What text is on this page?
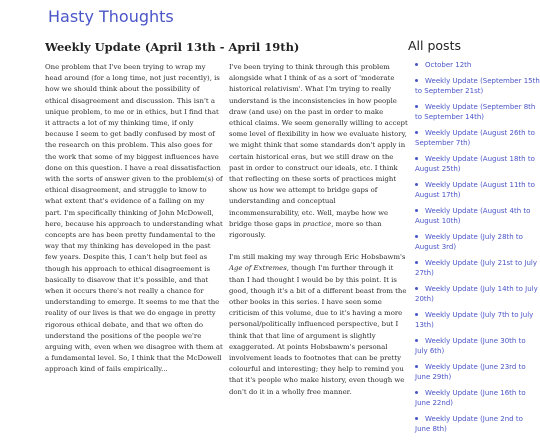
Hasty Thoughts
Weekly Update (April 13th - April 19th)

One problem that I've been trying to wrap my head around (for a long time, not just recently), is how we should think about the possibility of ethical disagreement and discussion. This isn't a unique problem, to me or in ethics, but I find that it attracts a lot of my thinking time, if only because I seem to get badly confused by most of the research on this problem. This also goes for the work that some of my biggest influences have done on this question. I have a real dissatisfaction with the sorts of answer given to the problem(s) of ethical disagreement, and struggle to know to what extent that's evidence of a failing on my part. I'm specifically thinking of John McDowell, here, because his approach to understanding what concepts are has been pretty fundamental to the way that my thinking has developed in the past few years. Despite this, I can't help but feel as though his approach to ethical disagreement is basically to disavow that it's possible, and that when it occurs there's not really a chance for understanding to emerge. It seems to me that the reality of our lives is that we do engage in pretty rigorous ethical debate, and that we often do understand the positions of the people we're arguing with, even when we disagree with them at a fundamental level. So, I think that the McDowell approach kind of fails empirically...

I've been trying to think through this problem alongside what I think of as a sort of 'moderate historical relativism'. What I'm trying to really understand is the inconsistencies in how people draw (and use) on the past in order to make ethical claims. We seem generally willing to accept some level of flexibility in how we evaluate history, we might think that some standards don't apply in certain historical eras, but we still draw on the past in order to construct our ideals, etc. I think that reflecting on these sorts of practices might show us how we attempt to bridge gaps of understanding and conceptual incommensurability, etc. Well, maybe how we bridge those gaps in practice, more so than rigorously.

I'm still making my way through Eric Hobsbawm's Age of Extremes, though I'm further through it than I had thought I would be by this point. It is good, though it's a bit of a different beast from the other books in this series. I have seen some criticism of this volume, due to it's having a more personal/politically influenced perspective, but I think that that line of argument is slightly exaggerated. At points Hobsbawm's personal involvement leads to footnotes that can be pretty colourful and interesting; they help to remind you that it's people who make history, even though we don't do it in a wholly free manner.

All posts
October 12th
Weekly Update (September 15th to September 21st)
Weekly Update (September 8th to September 14th)
Weekly Update (August 26th to September 7th)
Weekly Update (August 18th to August 25th)
Weekly Update (August 11th to August 17th)
Weekly Update (August 4th to August 10th)
Weekly Update (July 28th to August 3rd)
Weekly Update (July 21st to July 27th)
Weekly Update (July 14th to July 20th)
Weekly Update (July 7th to July 13th)
Weekly Update (June 30th to July 6th)
Weekly Update (June 23rd to June 29th)
Weekly Update (June 16th to June 22nd)
Weekly Update (June 2nd to June 8th)
